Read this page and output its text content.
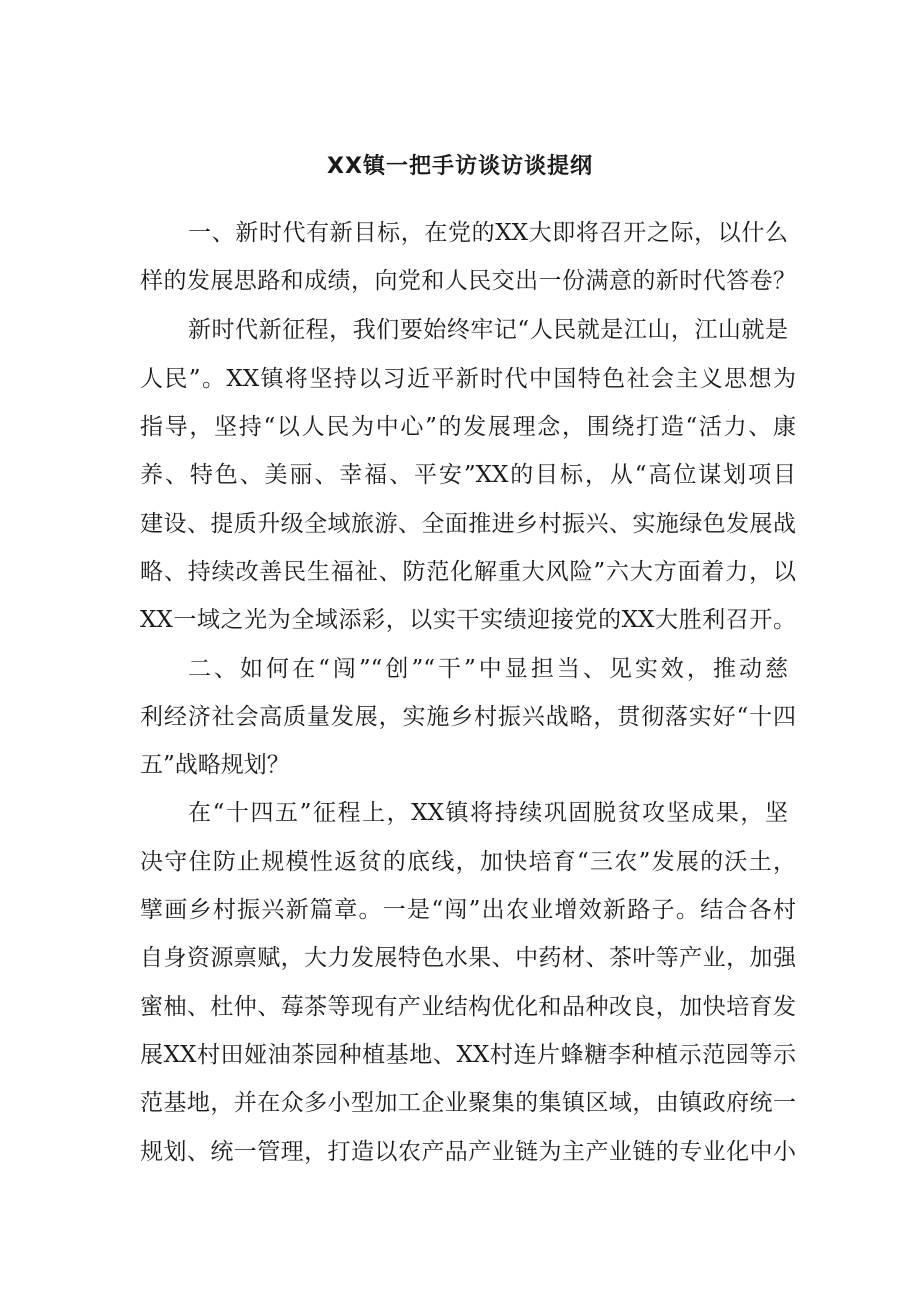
XX镇一把手访谈访谈提纲
一、新时代有新目标，在党的XX大即将召开之际，以什么
样的发展思路和成绩，向党和人民交出一份满意的新时代答卷？
新时代新征程，我们要始终牢记“人民就是江山，江山就是
人民”。XX镇将坚持以习近平新时代中国特色社会主义思想为
指导，坚持“以人民为中心”的发展理念，围绕打造“活力、康
养、特色、美丽、幸福、平安”XX的目标，从“高位谋划项目
建设、提质升级全域旅游、全面推进乡村振兴、实施绿色发展战
略、持续改善民生福祉、防范化解重大风险”六大方面着力，以
XX一域之光为全域添彩，以实干实绩迎接党的XX大胜利召开。
二、如何在“闯”“创”“干”中显担当、见实效，推动慈
利经济社会高质量发展，实施乡村振兴战略，贯彻落实好“十四
五”战略规划？
在“十四五”征程上，XX镇将持续巩固脱贫攻坚成果，坚
决守住防止规模性返贫的底线，加快培育“三农”发展的沃土，
擘画乡村振兴新篇章。一是“闯”出农业增效新路子。结合各村
自身资源禀赋，大力发展特色水果、中药材、茶叶等产业，加强
蜜柚、杜仲、莓茶等现有产业结构优化和品种改良，加快培育发
展XX村田娅油茶园种植基地、XX村连片蜂糖李种植示范园等示
范基地，并在众多小型加工企业聚集的集镇区域，由镇政府统一
规划、统一管理，打造以农产品产业链为主产业链的专业化中小
